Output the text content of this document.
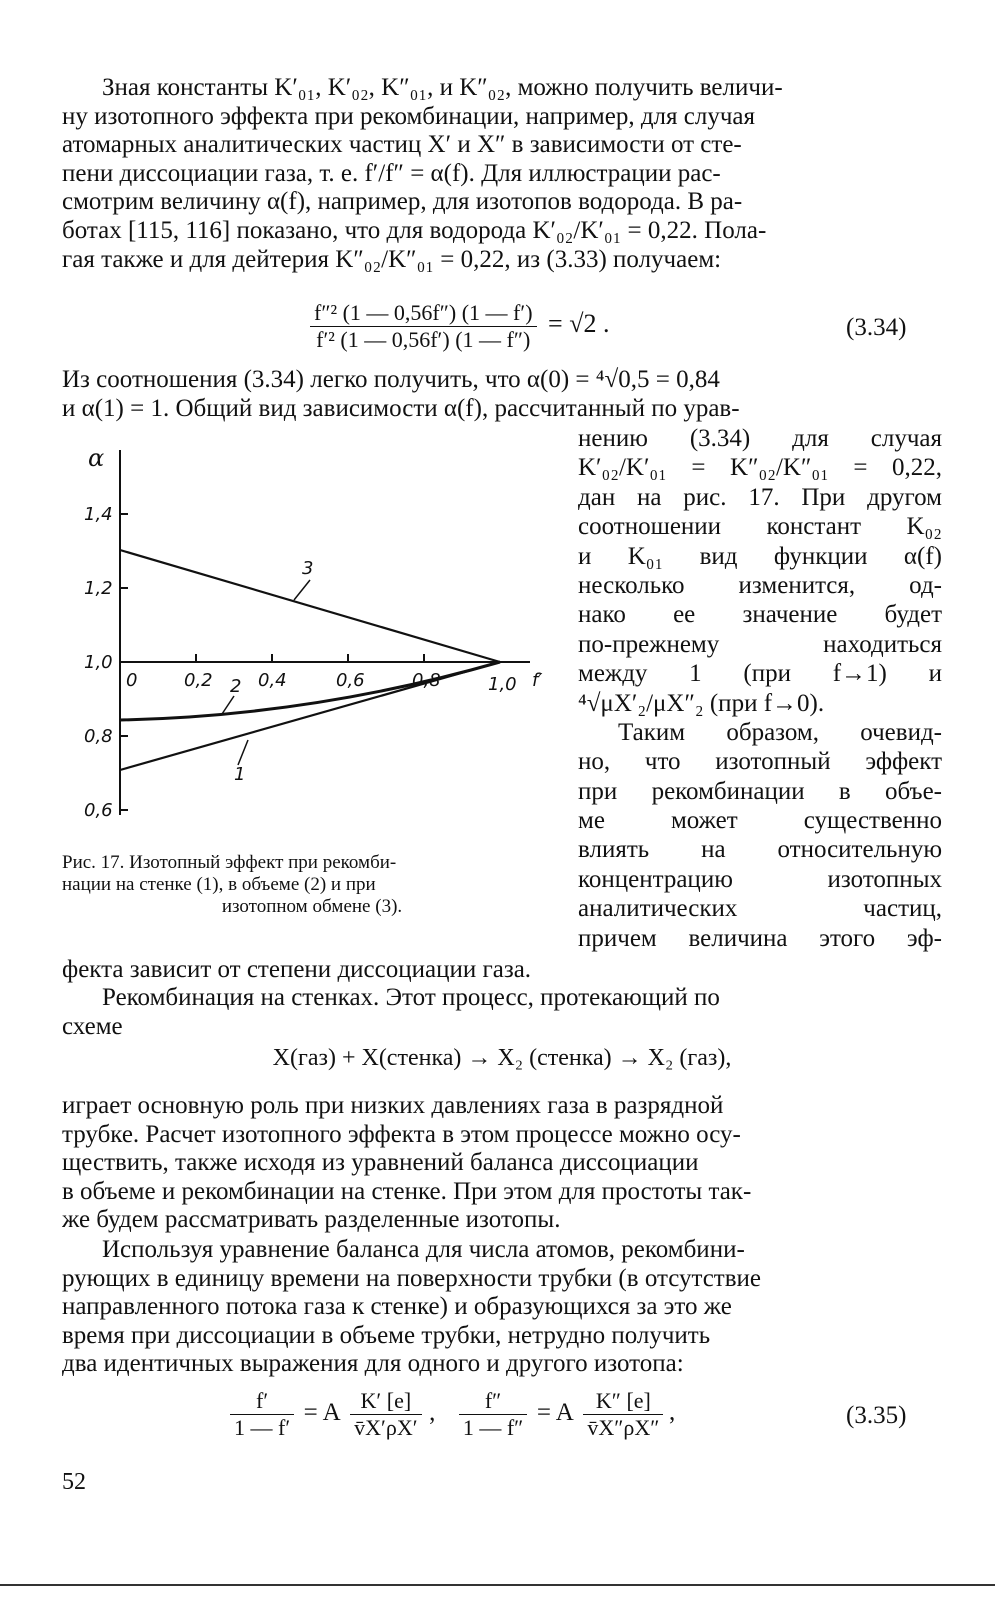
Зная константы K′₀₁, K′₀₂, K″₀₁, и K″₀₂, можно получить величи-
ну изотопного эффекта при рекомбинации, например, для случая
атомарных аналитических частиц X′ и X″ в зависимости от сте-
пени диссоциации газа, т. е. f′/f″ = α(f). Для иллюстрации рас-
смотрим величину α(f), например, для изотопов водорода. В ра-
ботах [115, 116] показано, что для водорода K′₀₂/K′₀₁ = 0,22. Пола-
гая также и для дейтерия K″₀₂/K″₀₁ = 0,22, из (3.33) получаем:
$\frac{\text{f″² (1 — 0,56f″) (1 — f′)}}{\text{f′² (1 — 0,56f′) (1 — f″)}} = √2$ .	(3.34)
Из соотношения (3.34) легко получить, что α(0) = ⁴√0,5 = 0,84
и α(1) = 1. Общий вид зависимости α(f), рассчитанный по урав-
нению (3.34) для случая
K′₀₂/K′₀₁ = K″₀₂/K″₀₁ = 0,22,
дан на рис. 17. При другом
соотношении констант K₀₂
и K₀₁ вид функции α(f)
несколько изменится, од-
нако ее значение будет
по-прежнему находиться
между 1 (при f→1) и
⁴√μX′₂/μX″₂ (при f→0).
Таким образом, очевид-
но, что изотопный эффект
при рекомбинации в объе-
ме может существенно
влиять на относительную
концентрацию изотопных
аналитических частиц,
причем величина этого эф-
α
1,4
1,2
1,0
0,8
0,6
0	0,2	0,4	0,6	0,8	1,0 f′
1
2
3
Рис. 17. Изотопный эффект при рекомби-
нации на стенке (1), в объеме (2) и при
изотопном обмене (3).
фекта зависит от степени диссоциации газа.
Рекомбинация на стенках. Этот процесс, протекающий по
схеме
X(газ) + X(стенка) → X₂ (стенка) → X₂ (газ),
играет основную роль при низких давлениях газа в разрядной
трубке. Расчет изотопного эффекта в этом процессе можно осу-
ществить, также исходя из уравнений баланса диссоциации
в объеме и рекомбинации на стенке. При этом для простоты так-
же будем рассматривать разделенные изотопы.
Используя уравнение баланса для числа атомов, рекомбини-
рующих в единицу времени на поверхности трубки (в отсутствие
направленного потока газа к стенке) и образующихся за это же
время при диссоциации в объеме трубки, нетрудно получить
два идентичных выражения для одного и другого изотопа:
$\frac{f'}{1 — f'} = A \frac{K' [e]}{v̄X'\rho X'}$ , $\frac{f''}{1 — f''} = A \frac{K'' [e]}{v̄X''\rho X''}$ ,	(3.35)
52
